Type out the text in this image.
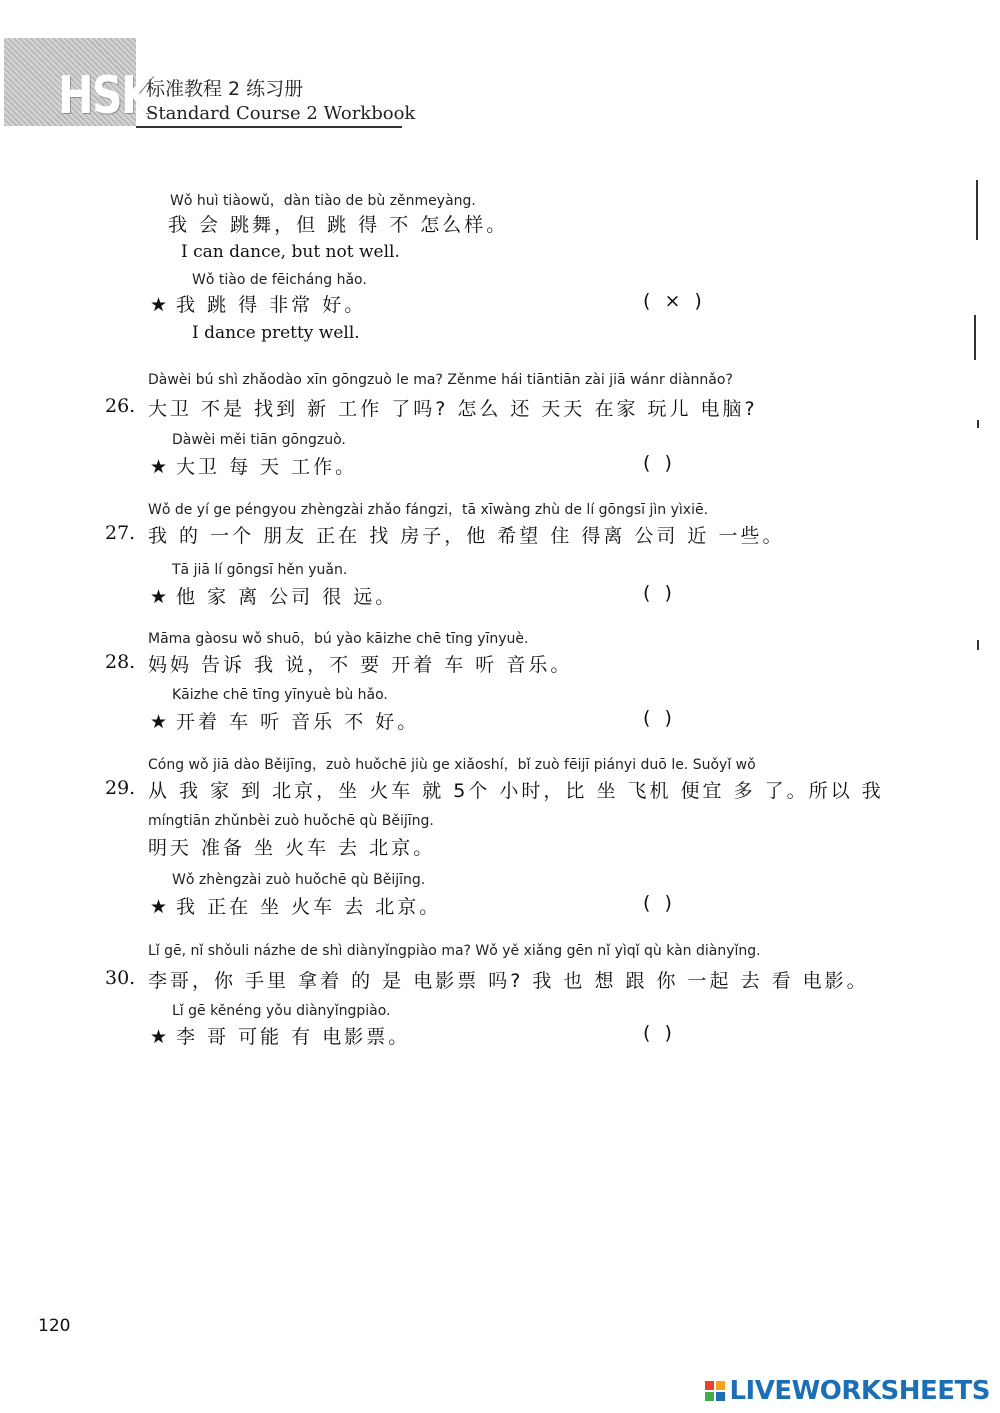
HSK
标准教程 2 练习册
Standard Course 2 Workbook
Wǒ huì tiàowǔ，dàn tiào de bù zěnmeyàng.
我 会 跳舞，但 跳 得 不 怎么样。
I can dance, but not well.
Wǒ tiào de fēicháng hǎo.
★ 我 跳 得 非常 好。	( × )
I dance pretty well.
Dàwèi bú shì zhǎodào xīn gōngzuò le ma? Zěnme hái tiāntiān zài jiā wánr diànnǎo?
26. 大卫 不是 找到 新 工作 了吗? 怎么 还 天天 在家 玩儿 电脑?
Dàwèi měi tiān gōngzuò.
★ 大卫 每 天 工作。	( )
Wǒ de yí ge péngyou zhèngzài zhǎo fángzi，tā xīwàng zhù de lí gōngsī jìn yìxiē.
27. 我 的 一个 朋友 正在 找 房子，他 希望 住 得离 公司 近 一些。
Tā jiā lí gōngsī hěn yuǎn.
★ 他 家 离 公司 很 远。	( )
Māma gàosu wǒ shuō，bú yào kāizhe chē tīng yīnyuè.
28. 妈妈 告诉 我 说，不 要 开着 车 听 音乐。
Kāizhe chē tīng yīnyuè bù hǎo.
★ 开着 车 听 音乐 不 好。	( )
Cóng wǒ jiā dào Běijīng，zuò huǒchē jiù ge xiǎoshí，bǐ zuò fēijī piányi duō le. Suǒyǐ wǒ
29. 从 我 家 到 北京，坐 火车 就 5个 小时，比 坐 飞机 便宜 多 了。所以 我
míngtiān zhǔnbèi zuò huǒchē qù Běijīng.
明天 准备 坐 火车 去 北京。
Wǒ zhèngzài zuò huǒchē qù Běijīng.
★ 我 正在 坐 火车 去 北京。	( )
Lǐ gē, nǐ shǒuli názhe de shì diànyǐngpiào ma? Wǒ yě xiǎng gēn nǐ yìqǐ qù kàn diànyǐng.
30. 李哥，你 手里 拿着 的 是 电影票 吗? 我 也 想 跟 你 一起 去 看 电影。
Lǐ gē kěnéng yǒu diànyǐngpiào.
★ 李 哥 可能 有 电影票。	( )
120
LIVEWORKSHEETS
